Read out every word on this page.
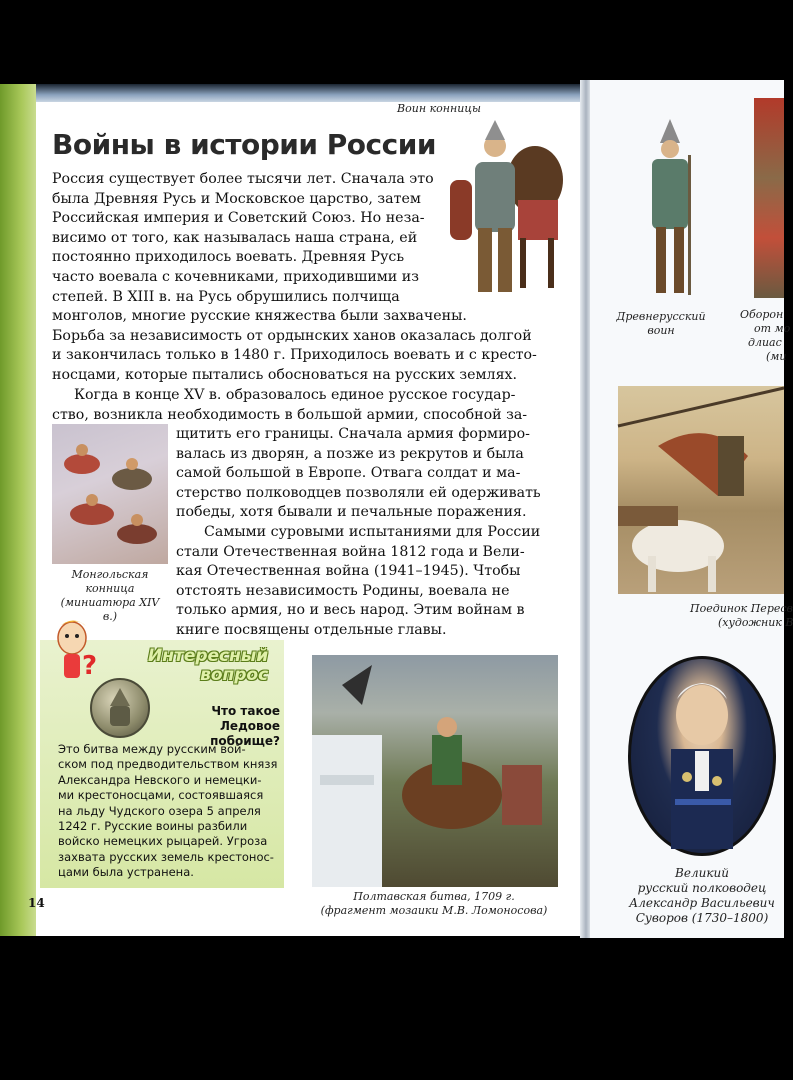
Войны в истории России
Воин конницы
Россия существует более тысячи лет. Сначала это
была Древняя Русь и Московское царство, затем
Российская империя и Советский Союз. Но неза-
висимо от того, как называлась наша страна, ей
постоянно приходилось воевать. Древняя Русь
часто воевала с кочевниками, приходившими из
степей. В XIII в. на Русь обрушились полчища
монголов, многие русские княжества были захвачены.
Борьба за независимость от ордынских ханов оказалась долгой
и закончилась только в 1480 г. Приходилось воевать и с крестo-
носцами, которые пытались обосноваться на русских землях.
Когда в конце XV в. образовалось единое русское государ-
ство, возникла необходимость в большой армии, способной за-
щитить его границы. Сначала армия формиро-
валась из дворян, а позже из рекрутов и была
самой большой в Европе. Отвага солдат и ма-
стерство полководцев позволяли ей одерживать
победы, хотя бывали и печальные поражения.
Самыми суровыми испытаниями для России
стали Отечественная война 1812 года и Вели-
кая Отечественная война (1941–1945). Чтобы
отстоять независимость Родины, воевала не
только армия, но и весь народ. Этим войнам в
книге посвящены отдельные главы.
Монгольская
конница
(миниатюра XIV в.)
?	Интересный
вопрос
Что такое
Ледовое побоище?
Это битва между русским вой-
ском под предводительством князя
Александра Невского и немецки-
ми крестоносцами, состоявшаяся
на льду Чудского озера 5 апреля
1242 г. Русские воины разбили
войско немецких рыцарей. Угроза
захвата русских земель крестонос-
цами была устранена.
Полтавская битва, 1709 г.
(фрагмент мозаики М.В. Ломоносова)
14
Древнерусский
воин
Оборон
от мо
длиас
(ми
Поединок Пересв
(художник В
Великий
русский полководец
Александр Васильевич
Суворов (1730–1800)
